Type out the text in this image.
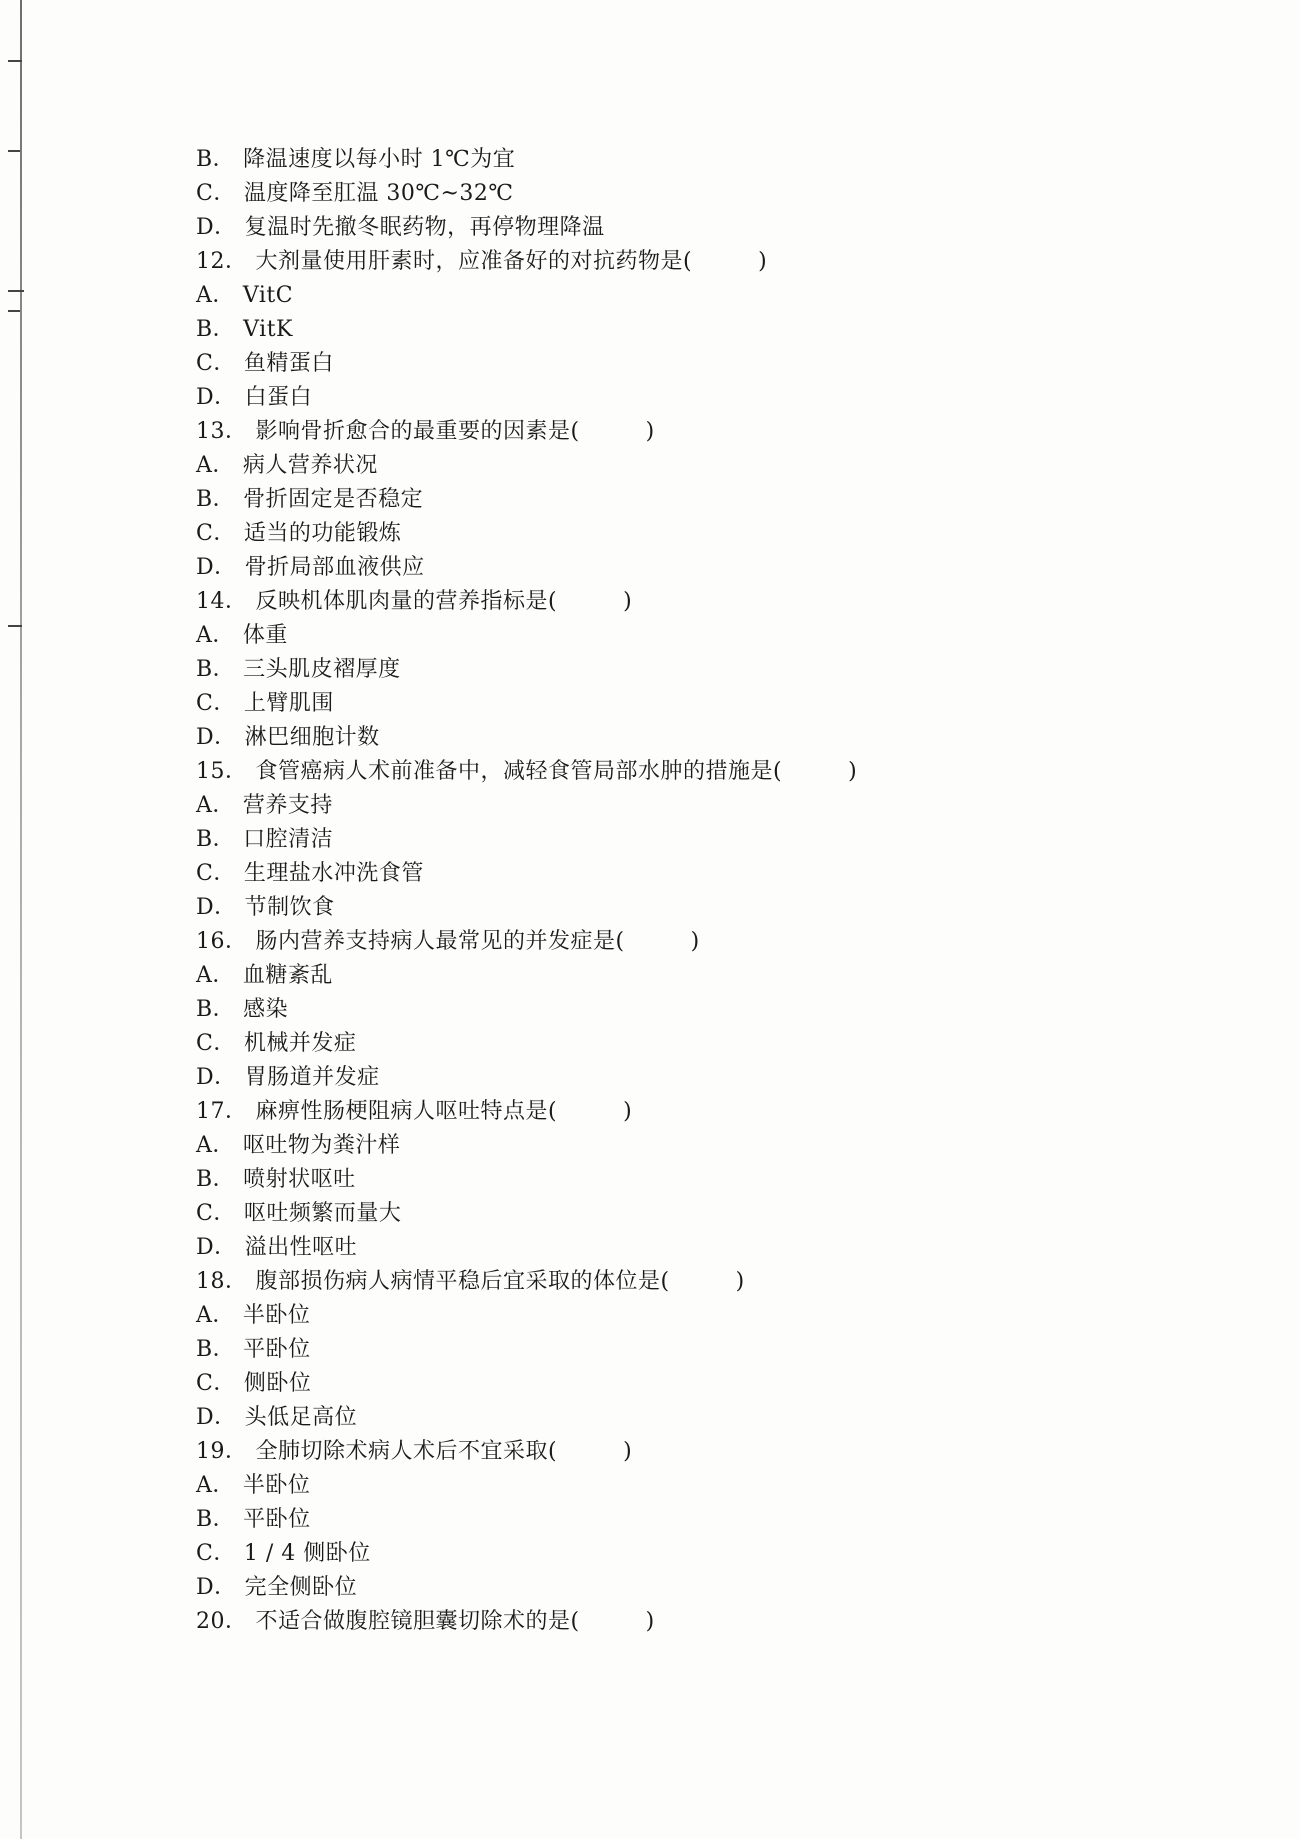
B． 降温速度以每小时 1℃为宜
C． 温度降至肛温 30℃~32℃
D． 复温时先撤冬眠药物，再停物理降温
12． 大剂量使用肝素时，应准备好的对抗药物是(	)
A． VitC
B． VitK
C． 鱼精蛋白
D． 白蛋白
13． 影响骨折愈合的最重要的因素是(	)
A． 病人营养状况
B． 骨折固定是否稳定
C． 适当的功能锻炼
D． 骨折局部血液供应
14． 反映机体肌肉量的营养指标是(	)
A． 体重
B． 三头肌皮褶厚度
C． 上臂肌围
D． 淋巴细胞计数
15． 食管癌病人术前准备中，减轻食管局部水肿的措施是(	)
A． 营养支持
B． 口腔清洁
C． 生理盐水冲洗食管
D． 节制饮食
16． 肠内营养支持病人最常见的并发症是(	)
A． 血糖紊乱
B． 感染
C． 机械并发症
D． 胃肠道并发症
17． 麻痹性肠梗阻病人呕吐特点是(	)
A． 呕吐物为粪汁样
B． 喷射状呕吐
C． 呕吐频繁而量大
D． 溢出性呕吐
18． 腹部损伤病人病情平稳后宜采取的体位是(	)
A． 半卧位
B． 平卧位
C． 侧卧位
D． 头低足高位
19． 全肺切除术病人术后不宜采取(	)
A． 半卧位
B． 平卧位
C． 1 / 4 侧卧位
D． 完全侧卧位
20． 不适合做腹腔镜胆囊切除术的是(	)
